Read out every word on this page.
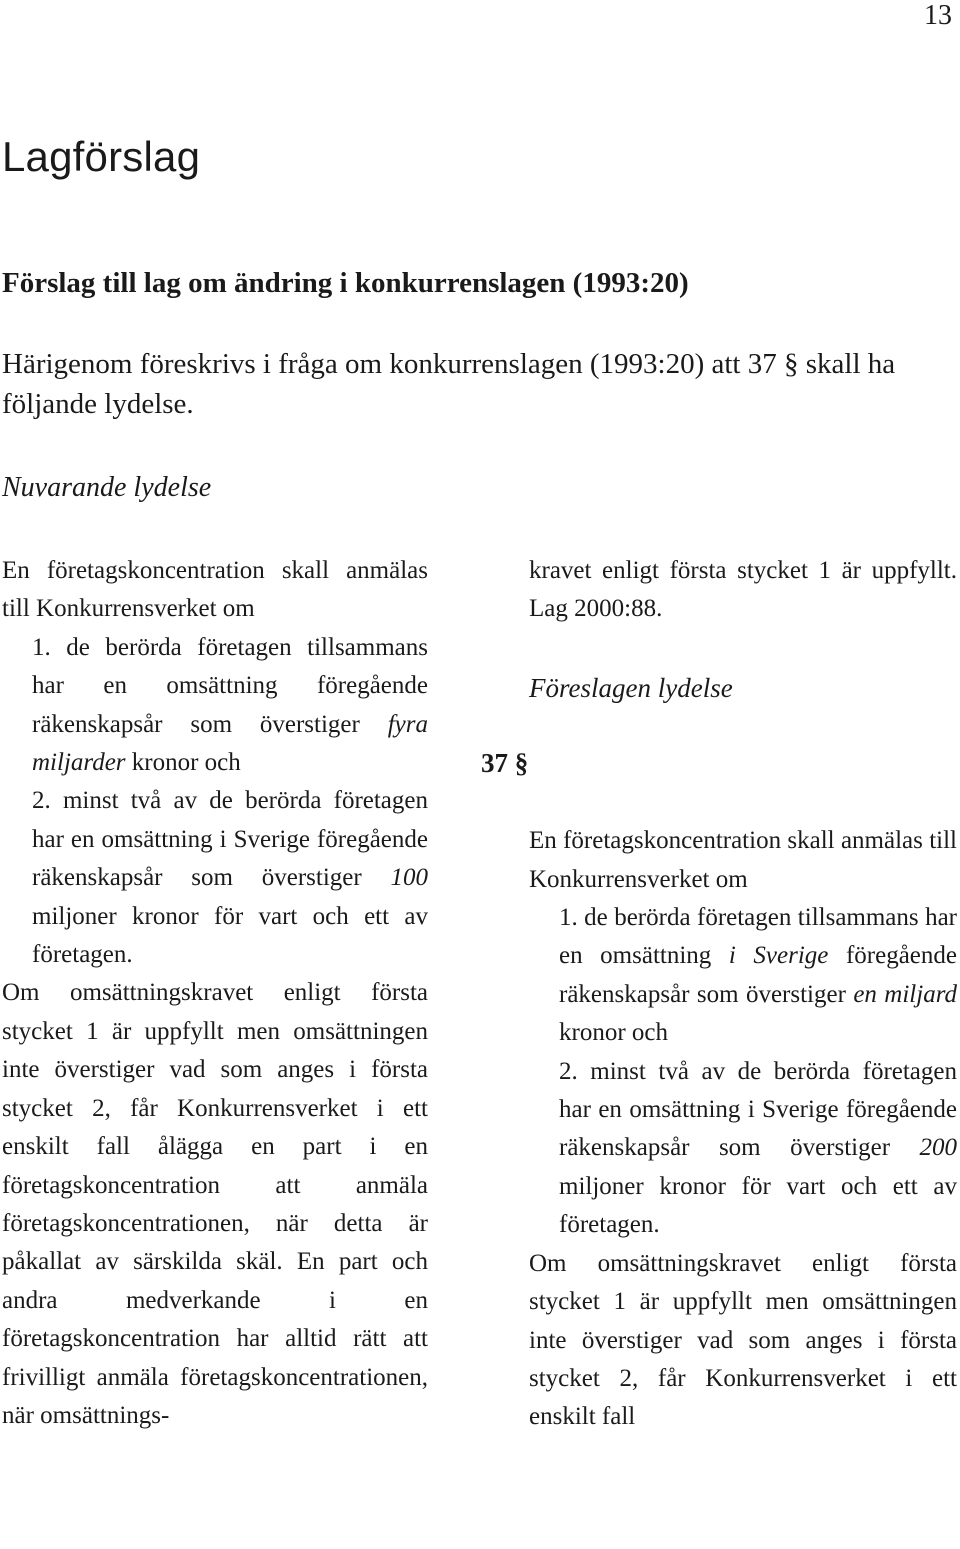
13
Lagförslag
Förslag till lag om ändring i konkurrenslagen (1993:20)
Härigenom föreskrivs i fråga om konkurrenslagen (1993:20) att 37 § skall ha följande lydelse.
Nuvarande lydelse

En företagskoncentration skall anmälas till Konkurrensverket om

1. de berörda företagen tillsammans har en omsättning föregående räkenskapsår som överstiger fyra miljarder kronor och

2. minst två av de berörda företagen har en omsättning i Sverige föregående räkenskapsår som överstiger 100 miljoner kronor för vart och ett av företagen.

Om omsättningskravet enligt första stycket 1 är uppfyllt men omsättningen inte överstiger vad som anges i första stycket 2, får Konkurrensverket i ett enskilt fall ålägga en part i en företagskoncentration att anmäla företagskoncentrationen, när detta är påkallat av särskilda skäl. En part och andra medverkande i en företagskoncentration har alltid rätt att frivilligt anmäla företagskoncentrationen, när omsättnings-

kravet enligt första stycket 1 är uppfyllt. Lag 2000:88.

Föreslagen lydelse

En företagskoncentration skall anmälas till Konkurrensverket om

1. de berörda företagen tillsammans har en omsättning i Sverige föregående räkenskapsår som överstiger en miljard kronor och

2. minst två av de berörda företagen har en omsättning i Sverige föregående räkenskapsår som överstiger 200 miljoner kronor för vart och ett av företagen.

Om omsättningskravet enligt första stycket 1 är uppfyllt men omsättningen inte överstiger vad som anges i första stycket 2, får Konkurrensverket i ett enskilt fall

37 §
